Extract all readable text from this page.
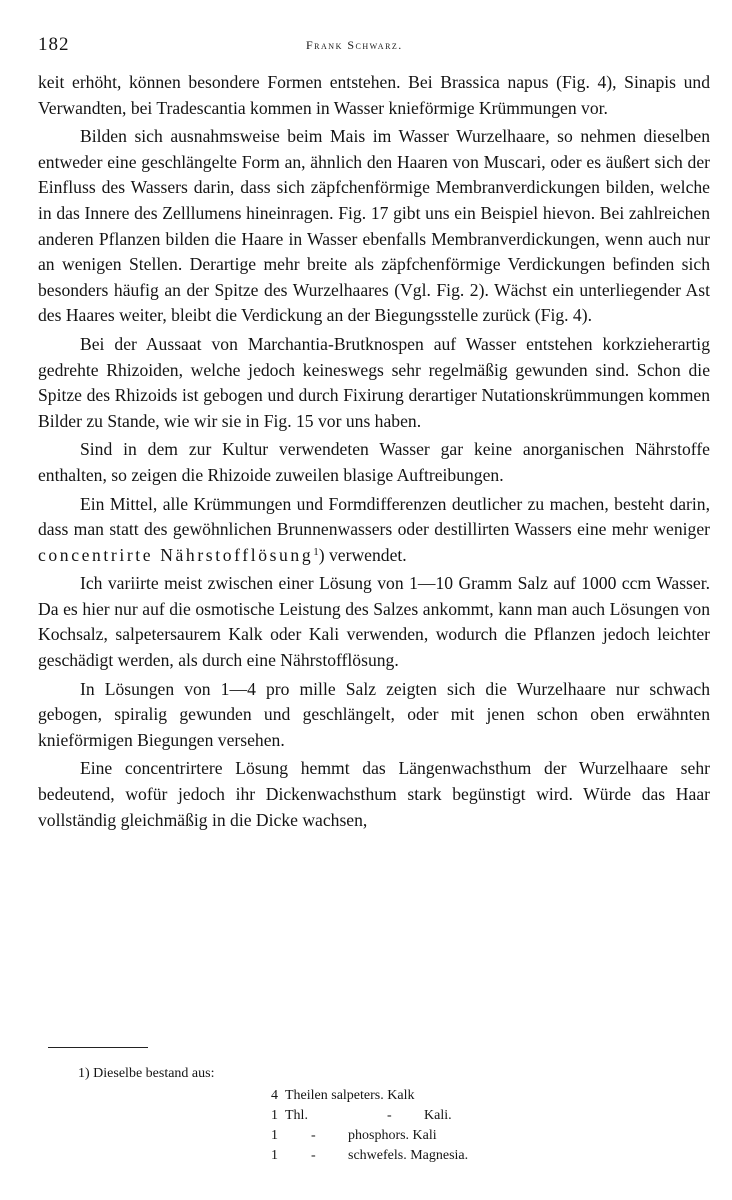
182	Frank Schwarz.

keit erhöht, können besondere Formen entstehen. Bei Brassica napus (Fig. 4), Sinapis und Verwandten, bei Tradescantia kommen in Wasser knieförmige Krümmungen vor.

Bilden sich ausnahmsweise beim Mais im Wasser Wurzelhaare, so nehmen dieselben entweder eine geschlängelte Form an, ähnlich den Haaren von Muscari, oder es äußert sich der Einfluss des Wassers darin, dass sich zäpfchenförmige Membranverdickungen bilden, welche in das Innere des Zelllumens hineinragen. Fig. 17 gibt uns ein Beispiel hievon. Bei zahlreichen anderen Pflanzen bilden die Haare in Wasser ebenfalls Membranverdickungen, wenn auch nur an wenigen Stellen. Derartige mehr breite als zäpfchenförmige Verdickungen befinden sich besonders häufig an der Spitze des Wurzelhaares (Vgl. Fig. 2). Wächst ein unterliegender Ast des Haares weiter, bleibt die Verdickung an der Biegungsstelle zurück (Fig. 4).

Bei der Aussaat von Marchantia-Brutknospen auf Wasser entstehen korkzieherartig gedrehte Rhizoiden, welche jedoch keineswegs sehr regelmäßig gewunden sind. Schon die Spitze des Rhizoids ist gebogen und durch Fixirung derartiger Nutationskrümmungen kommen Bilder zu Stande, wie wir sie in Fig. 15 vor uns haben.

Sind in dem zur Kultur verwendeten Wasser gar keine anorganischen Nährstoffe enthalten, so zeigen die Rhizoide zuweilen blasige Auftreibungen.

Ein Mittel, alle Krümmungen und Formdifferenzen deutlicher zu machen, besteht darin, dass man statt des gewöhnlichen Brunnenwassers oder destillirten Wassers eine mehr weniger concentrirte Nährstofflösung$^1$) verwendet.

Ich variirte meist zwischen einer Lösung von 1—10 Gramm Salz auf 1000 ccm Wasser. Da es hier nur auf die osmotische Leistung des Salzes ankommt, kann man auch Lösungen von Kochsalz, salpetersaurem Kalk oder Kali verwenden, wodurch die Pflanzen jedoch leichter geschädigt werden, als durch eine Nährstofflösung.

In Lösungen von 1—4 pro mille Salz zeigten sich die Wurzelhaare nur schwach gebogen, spiralig gewunden und geschlängelt, oder mit jenen schon oben erwähnten knieförmigen Biegungen versehen.

Eine concentrirtere Lösung hemmt das Längenwachsthum der Wurzelhaare sehr bedeutend, wofür jedoch ihr Dickenwachsthum stark begünstigt wird. Würde das Haar vollständig gleichmäßig in die Dicke wachsen,

1) Dieselbe bestand aus:
4 Theilen salpeters. Kalk
1 Thl.	- Kali.
1 - phosphors. Kali
1 - schwefels. Magnesia.
